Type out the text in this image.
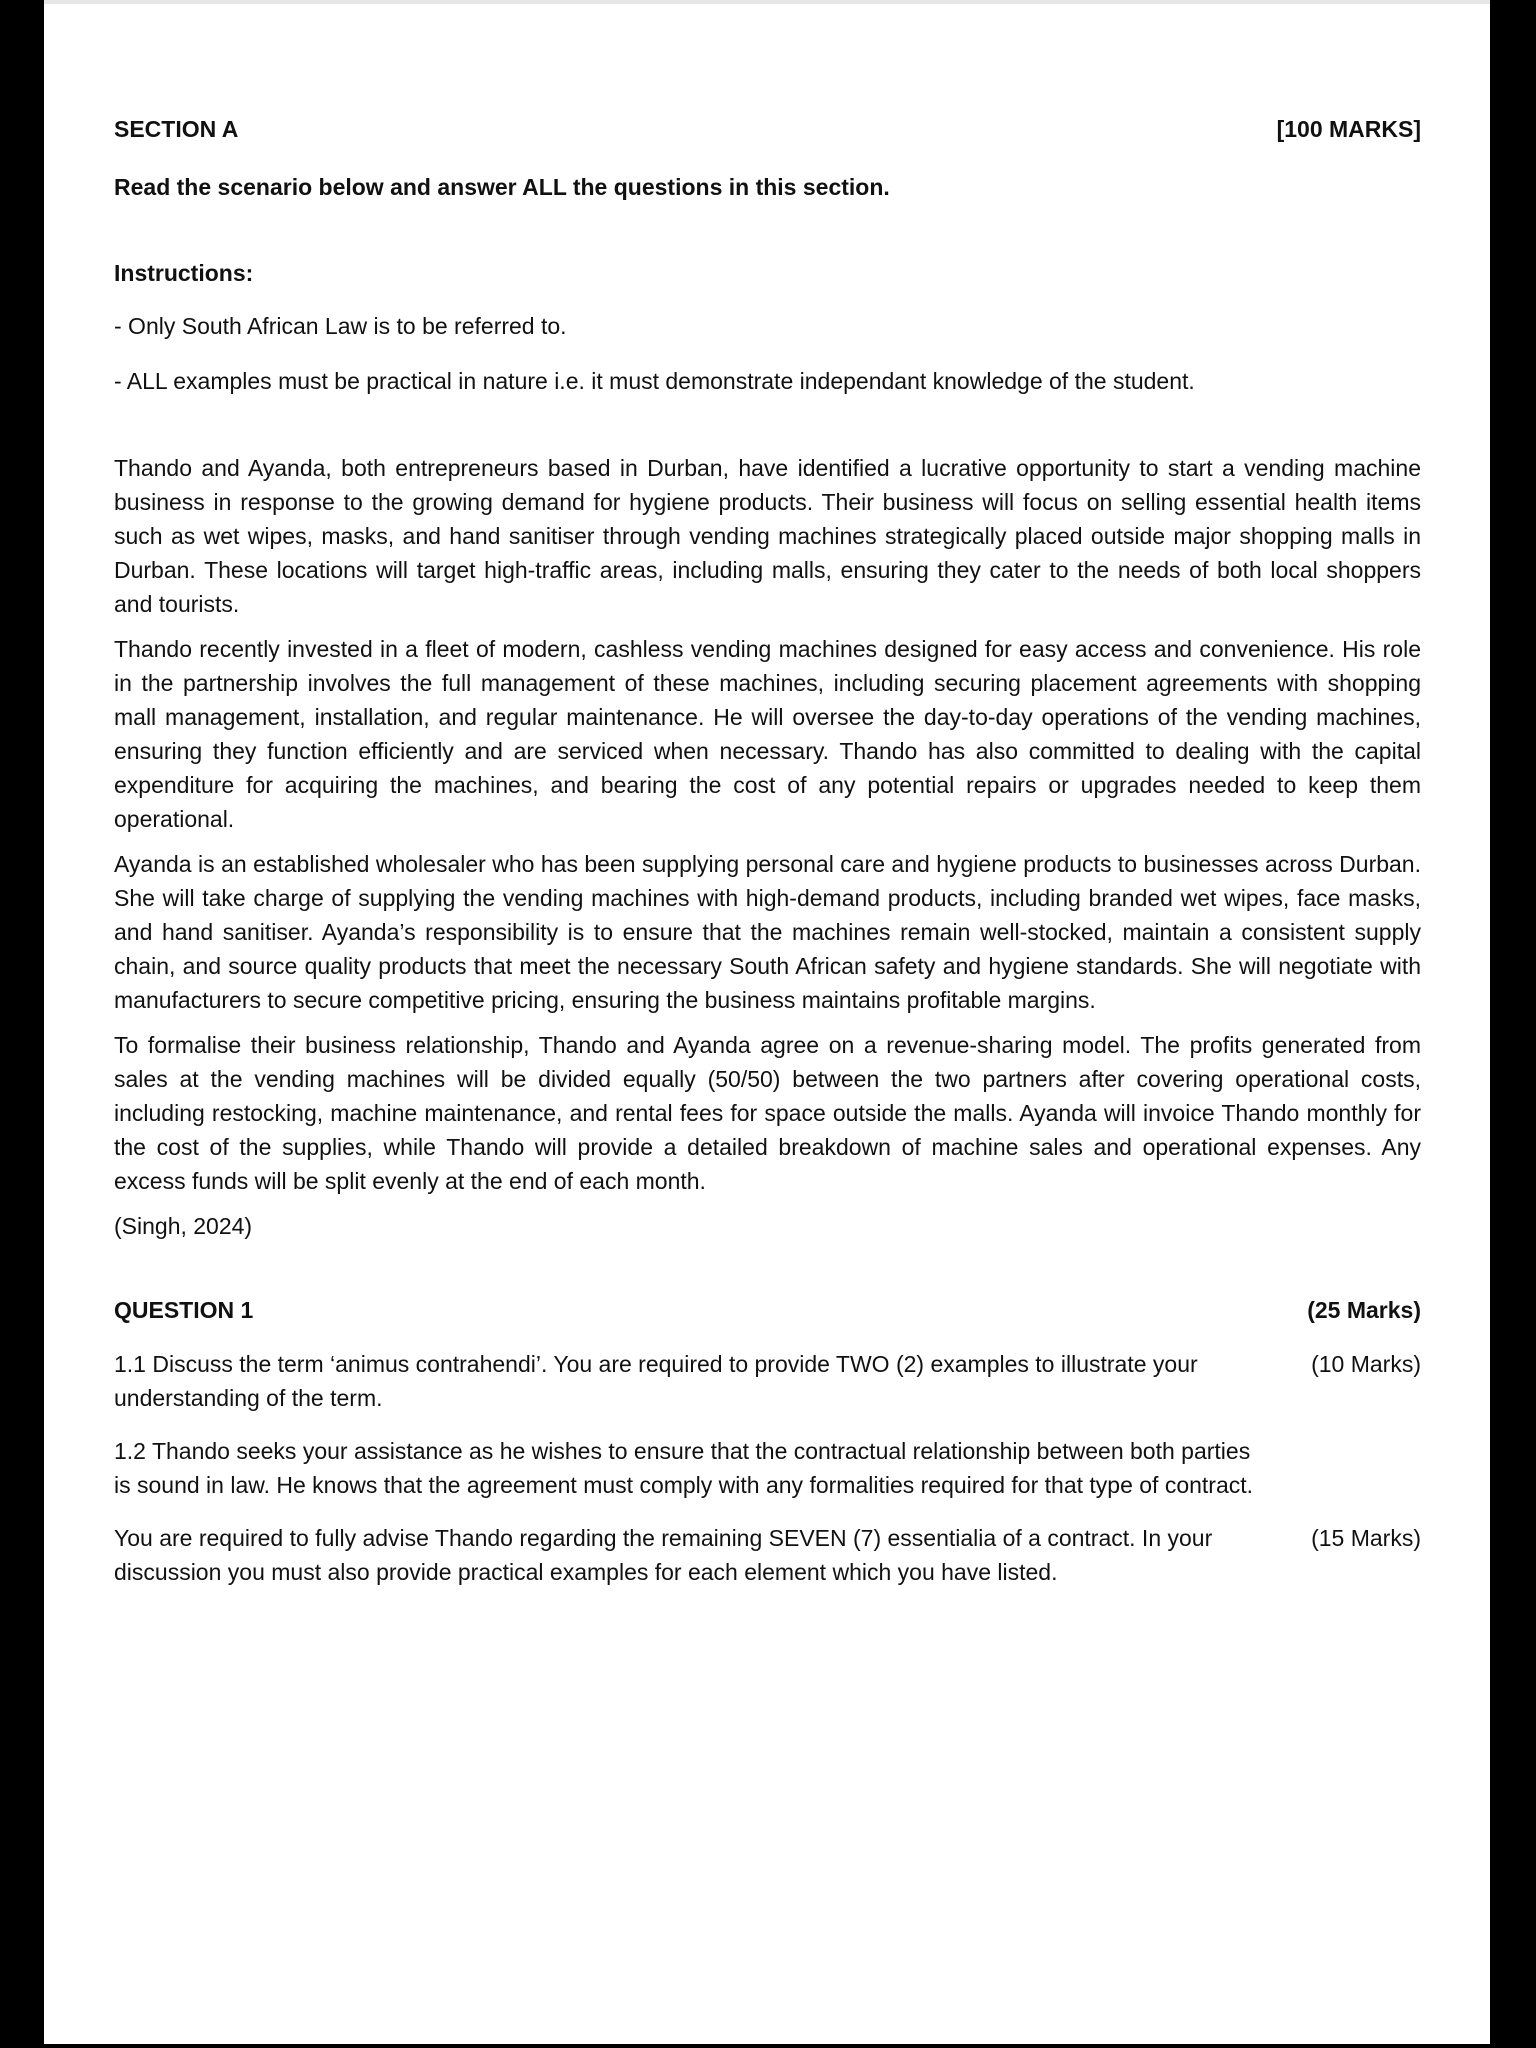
SECTION A	[100 MARKS]

Read the scenario below and answer ALL the questions in this section.

Instructions:

- Only South African Law is to be referred to.

- ALL examples must be practical in nature i.e. it must demonstrate independant knowledge of the student.

Thando and Ayanda, both entrepreneurs based in Durban, have identified a lucrative opportunity to start a vending machine business in response to the growing demand for hygiene products. Their business will focus on selling essential health items such as wet wipes, masks, and hand sanitiser through vending machines strategically placed outside major shopping malls in Durban. These locations will target high-traffic areas, including malls, ensuring they cater to the needs of both local shoppers and tourists.

Thando recently invested in a fleet of modern, cashless vending machines designed for easy access and convenience. His role in the partnership involves the full management of these machines, including securing placement agreements with shopping mall management, installation, and regular maintenance. He will oversee the day-to-day operations of the vending machines, ensuring they function efficiently and are serviced when necessary. Thando has also committed to dealing with the capital expenditure for acquiring the machines, and bearing the cost of any potential repairs or upgrades needed to keep them operational.

Ayanda is an established wholesaler who has been supplying personal care and hygiene products to businesses across Durban. She will take charge of supplying the vending machines with high-demand products, including branded wet wipes, face masks, and hand sanitiser. Ayanda’s responsibility is to ensure that the machines remain well-stocked, maintain a consistent supply chain, and source quality products that meet the necessary South African safety and hygiene standards. She will negotiate with manufacturers to secure competitive pricing, ensuring the business maintains profitable margins.

To formalise their business relationship, Thando and Ayanda agree on a revenue-sharing model. The profits generated from sales at the vending machines will be divided equally (50/50) between the two partners after covering operational costs, including restocking, machine maintenance, and rental fees for space outside the malls. Ayanda will invoice Thando monthly for the cost of the supplies, while Thando will provide a detailed breakdown of machine sales and operational expenses. Any excess funds will be split evenly at the end of each month.

(Singh, 2024)

QUESTION 1	(25 Marks)

1.1 Discuss the term ‘animus contrahendi’. You are required to provide TWO (2) examples to illustrate your understanding of the term.

(10 Marks)

1.2 Thando seeks your assistance as he wishes to ensure that the contractual relationship between both parties is sound in law. He knows that the agreement must comply with any formalities required for that type of contract.

You are required to fully advise Thando regarding the remaining SEVEN (7) essentialia of a contract. In your discussion you must also provide practical examples for each element which you have listed.

(15 Marks)
